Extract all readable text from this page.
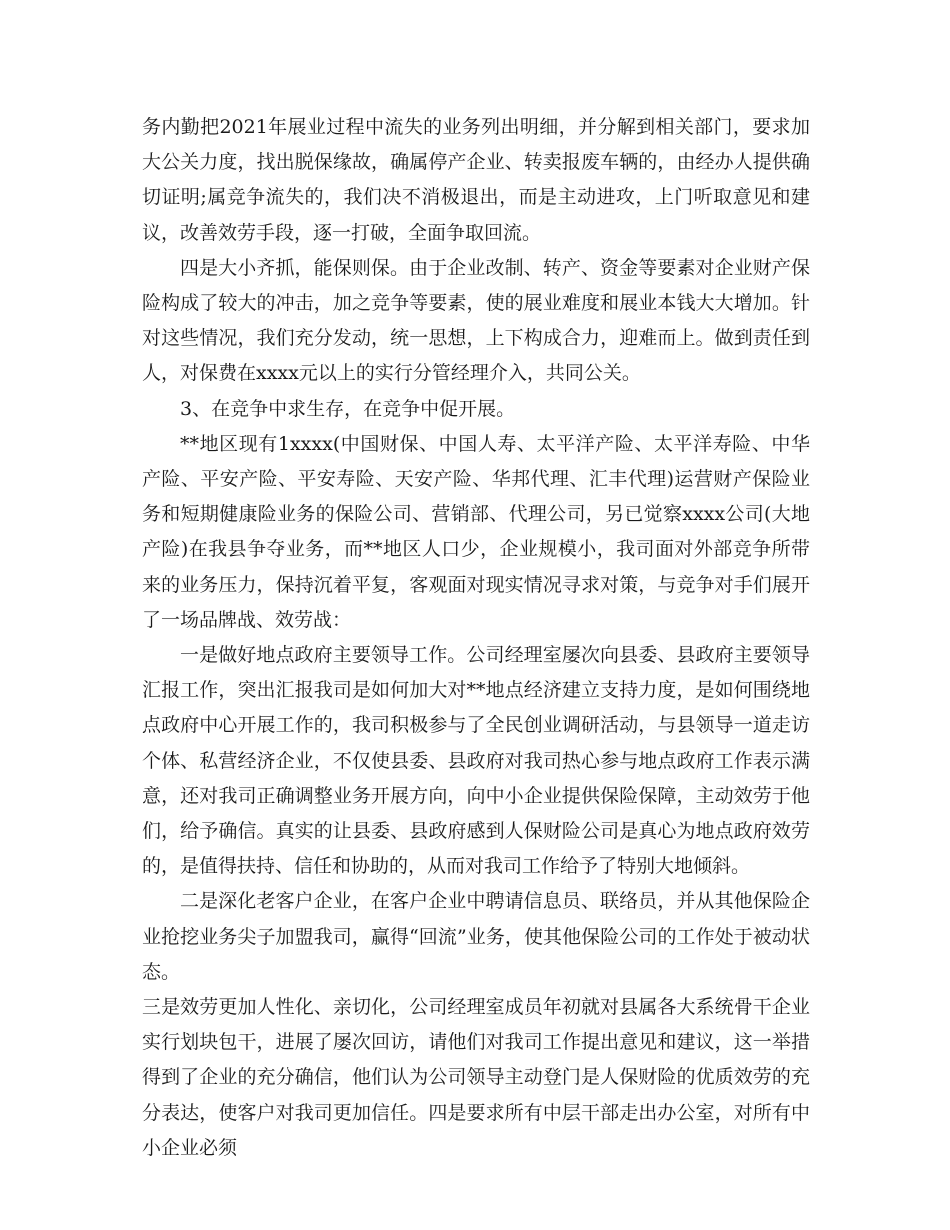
务内勤把2021年展业过程中流失的业务列出明细，并分解到相关部门，要求加大公关力度，找出脱保缘故，确属停产企业、转卖报废车辆的，由经办人提供确切证明;属竞争流失的，我们决不消极退出，而是主动进攻，上门听取意见和建议，改善效劳手段，逐一打破，全面争取回流。

四是大小齐抓，能保则保。由于企业改制、转产、资金等要素对企业财产保险构成了较大的冲击，加之竞争等要素，使的展业难度和展业本钱大大增加。针对这些情况，我们充分发动，统一思想，上下构成合力，迎难而上。做到责任到人，对保费在xxxx元以上的实行分管经理介入，共同公关。

3、在竞争中求生存，在竞争中促开展。

**地区现有1xxxx(中国财保、中国人寿、太平洋产险、太平洋寿险、中华产险、平安产险、平安寿险、天安产险、华邦代理、汇丰代理)运营财产保险业务和短期健康险业务的保险公司、营销部、代理公司，另已觉察xxxx公司(大地产险)在我县争夺业务，而**地区人口少，企业规模小，我司面对外部竞争所带来的业务压力，保持沉着平复，客观面对现实情况寻求对策，与竞争对手们展开了一场品牌战、效劳战：

一是做好地点政府主要领导工作。公司经理室屡次向县委、县政府主要领导汇报工作，突出汇报我司是如何加大对**地点经济建立支持力度，是如何围绕地点政府中心开展工作的，我司积极参与了全民创业调研活动，与县领导一道走访个体、私营经济企业，不仅使县委、县政府对我司热心参与地点政府工作表示满意，还对我司正确调整业务开展方向，向中小企业提供保险保障，主动效劳于他们，给予确信。真实的让县委、县政府感到人保财险公司是真心为地点政府效劳的，是值得扶持、信任和协助的，从而对我司工作给予了特别大地倾斜。

二是深化老客户企业，在客户企业中聘请信息员、联络员，并从其他保险企业抢挖业务尖子加盟我司，赢得“回流”业务，使其他保险公司的工作处于被动状态。

三是效劳更加人性化、亲切化，公司经理室成员年初就对县属各大系统骨干企业实行划块包干，进展了屡次回访，请他们对我司工作提出意见和建议，这一举措得到了企业的充分确信，他们认为公司领导主动登门是人保财险的优质效劳的充分表达，使客户对我司更加信任。四是要求所有中层干部走出办公室，对所有中小企业必须
